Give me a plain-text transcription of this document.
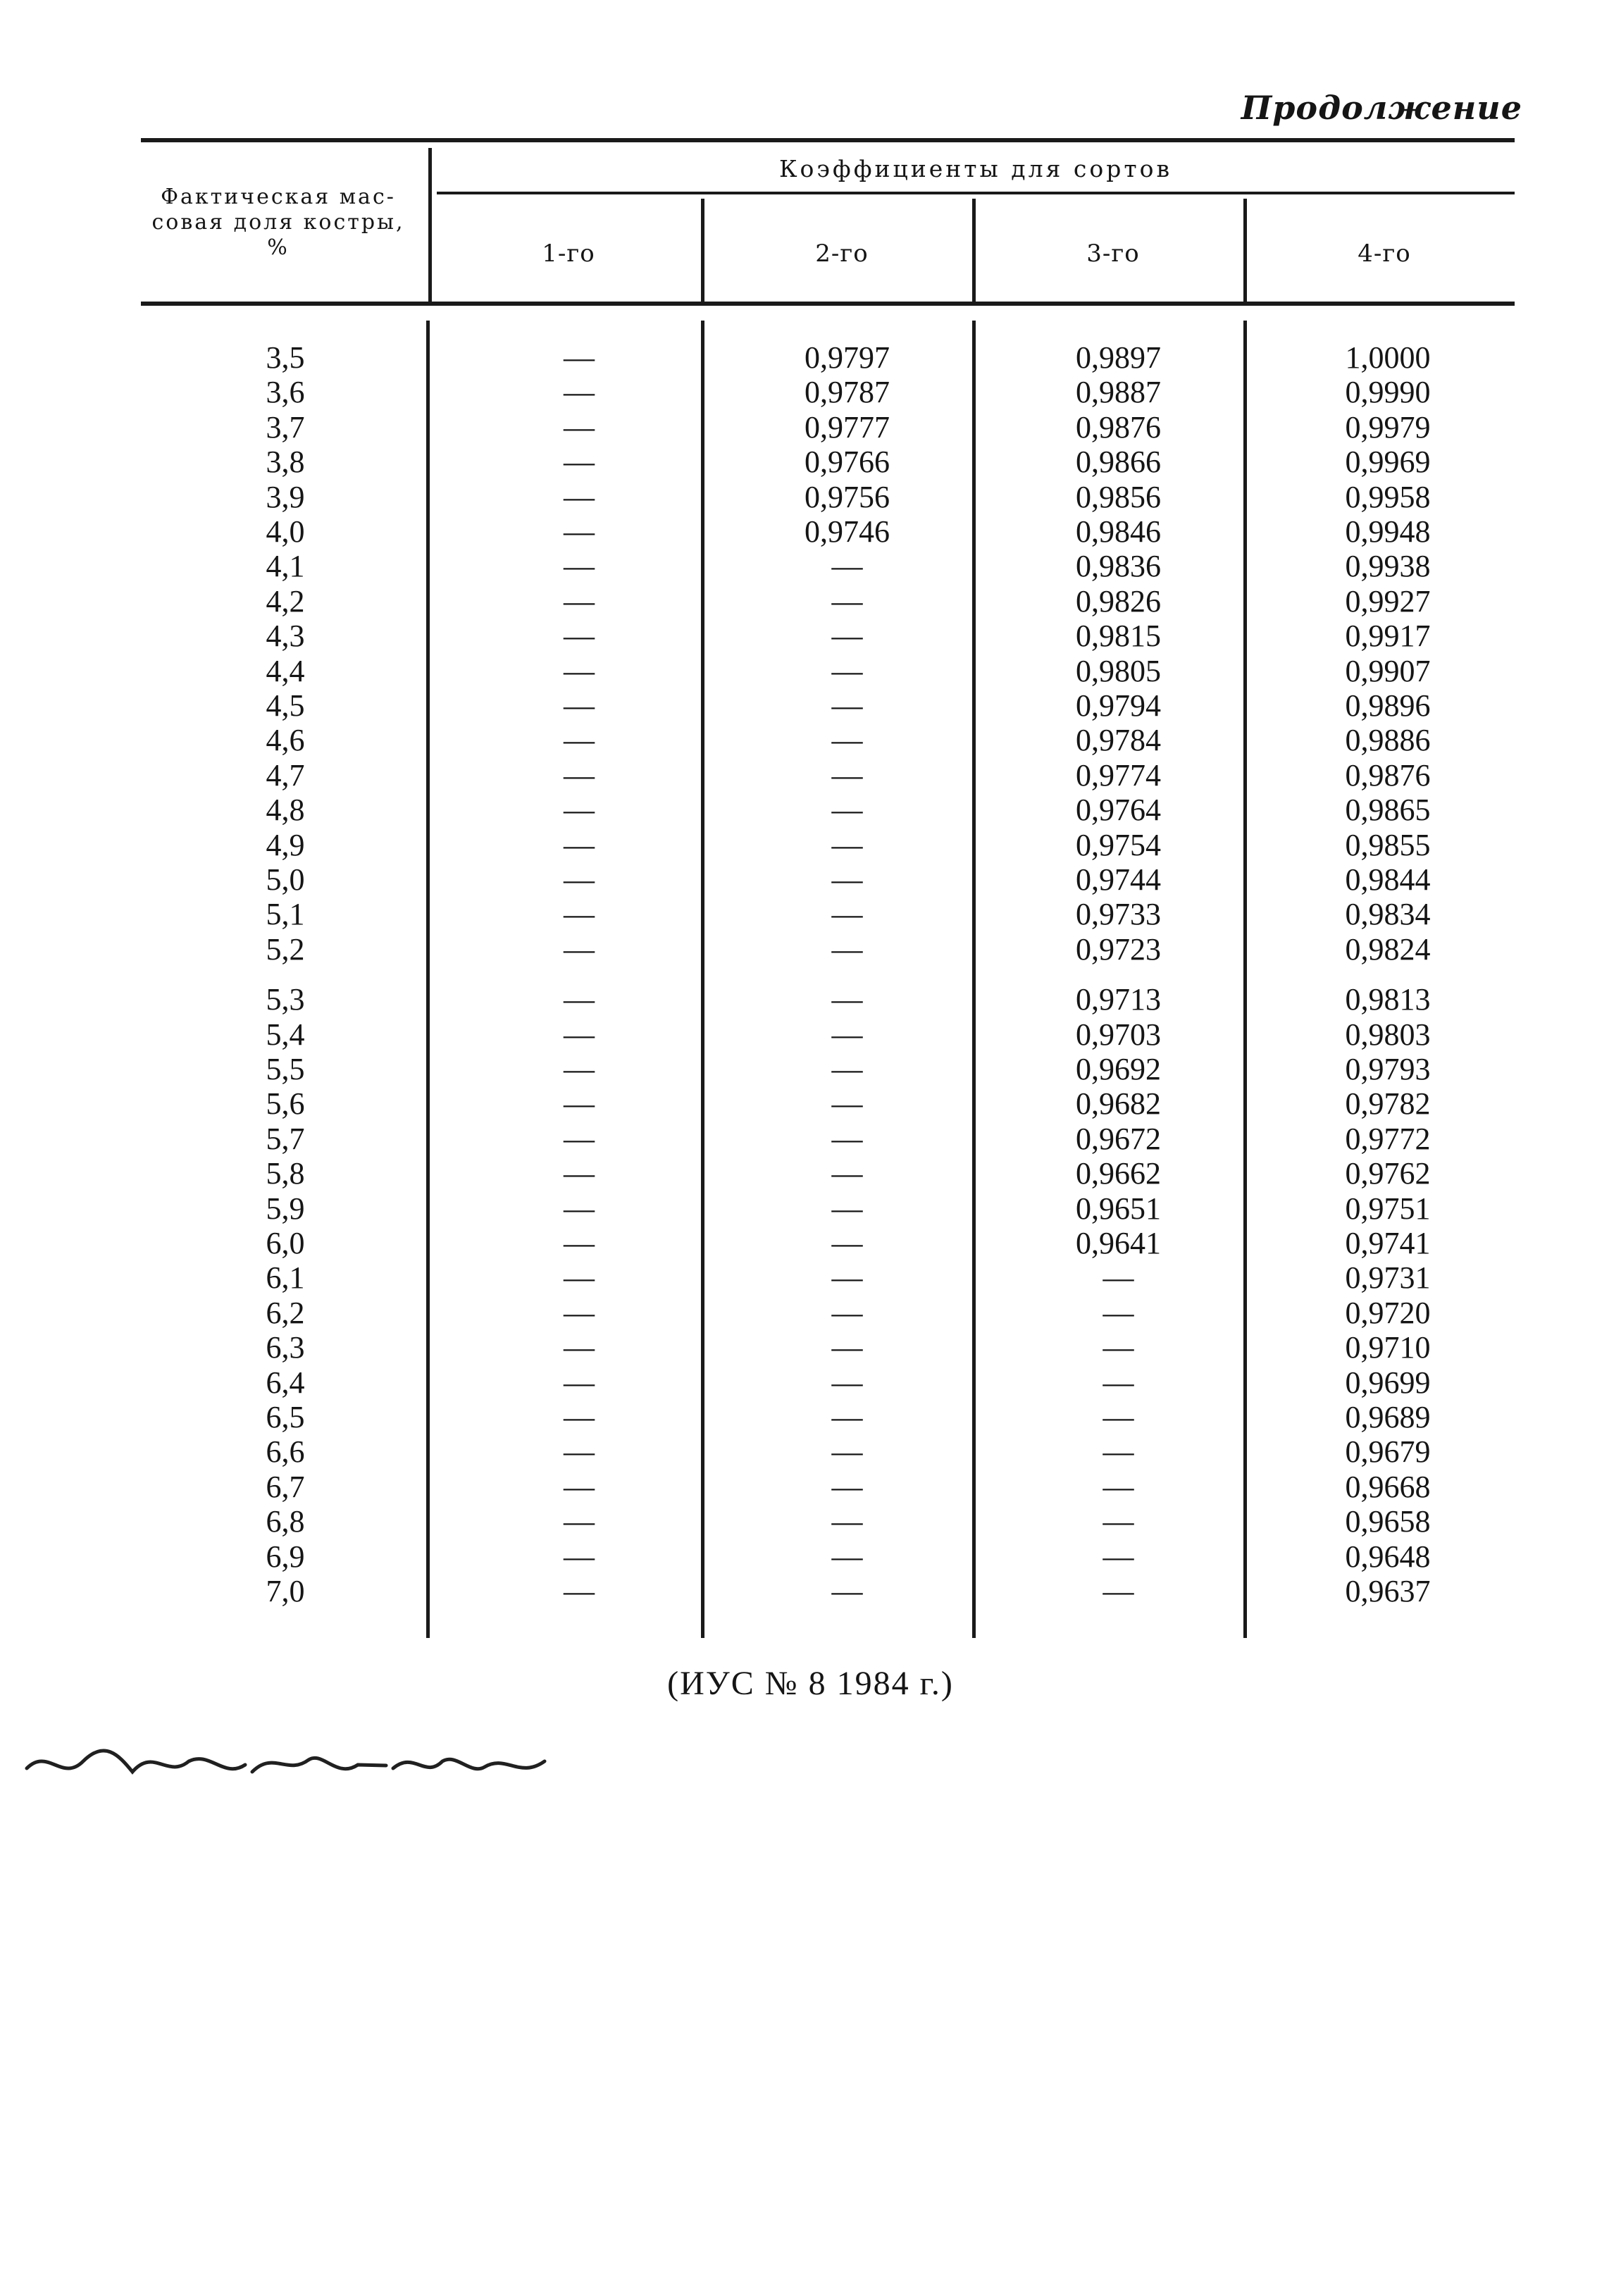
Продолжение
Фактическая мас- совая доля костры, %
Коэффициенты для сортов
1-го	2-го	3-го	4-го
3,5	—	0,9797	0,9897	1,0000
3,6	—	0,9787	0,9887	0,9990
3,7	—	0,9777	0,9876	0,9979
3,8	—	0,9766	0,9866	0,9969
3,9	—	0,9756	0,9856	0,9958
4,0	—	0,9746	0,9846	0,9948
4,1	—	—	0,9836	0,9938
4,2	—	—	0,9826	0,9927
4,3	—	—	0,9815	0,9917
4,4	—	—	0,9805	0,9907
4,5	—	—	0,9794	0,9896
4,6	—	—	0,9784	0,9886
4,7	—	—	0,9774	0,9876
4,8	—	—	0,9764	0,9865
4,9	—	—	0,9754	0,9855
5,0	—	—	0,9744	0,9844
5,1	—	—	0,9733	0,9834
5,2	—	—	0,9723	0,9824
5,3	—	—	0,9713	0,9813
5,4	—	—	0,9703	0,9803
5,5	—	—	0,9692	0,9793
5,6	—	—	0,9682	0,9782
5,7	—	—	0,9672	0,9772
5,8	—	—	0,9662	0,9762
5,9	—	—	0,9651	0,9751
6,0	—	—	0,9641	0,9741
6,1	—	—	—	0,9731
6,2	—	—	—	0,9720
6,3	—	—	—	0,9710
6,4	—	—	—	0,9699
6,5	—	—	—	0,9689
6,6	—	—	—	0,9679
6,7	—	—	—	0,9668
6,8	—	—	—	0,9658
6,9	—	—	—	0,9648
7,0	—	—	—	0,9637
(ИУС № 8 1984 г.)
